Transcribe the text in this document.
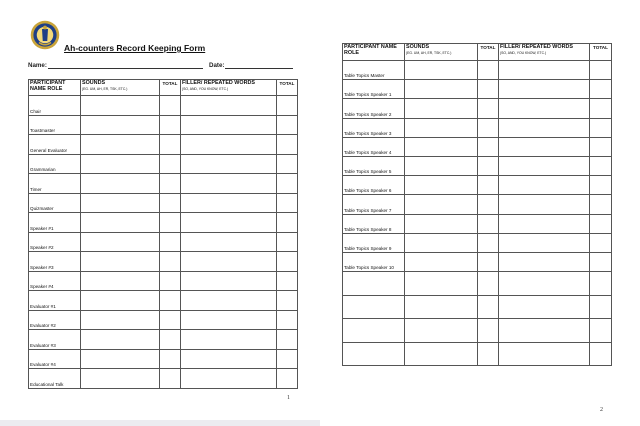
Ah-counters Record Keeping Form
Name:	Date:
PARTICIPANT NAME ROLE	SOUNDS
(EG. UM, AH, ER, TSK, ETC.)	TOTAL	FILLER/ REPEATED WORDS
(SO, AND, YOU KNOW, ETC.)	TOTAL
Chair				
Toastmaster				
General Evaluator				
Grammarian				
Timer				
Quizmaster				
Speaker #1				
Speaker #2				
Speaker #3				
Speaker #4				
Evaluator #1				
Evaluator #2				
Evaluator #3				
Evaluator #4				
Educational Talk				
1
PARTICIPANT NAME ROLE	SOUNDS
(EG. UM, AH, ER, TSK, ETC.)	TOTAL	FILLER/ REPEATED WORDS
(SO, AND, YOU KNOW, ETC.)	TOTAL
Table Topics Master				
Table Topics Speaker 1				
Table Topics Speaker 2				
Table Topics Speaker 3				
Table Topics Speaker 4				
Table Topics Speaker 5				
Table Topics Speaker 6				
Table Topics Speaker 7				
Table Topics Speaker 8				
Table Topics Speaker 9				
Table Topics Speaker 10				

2
